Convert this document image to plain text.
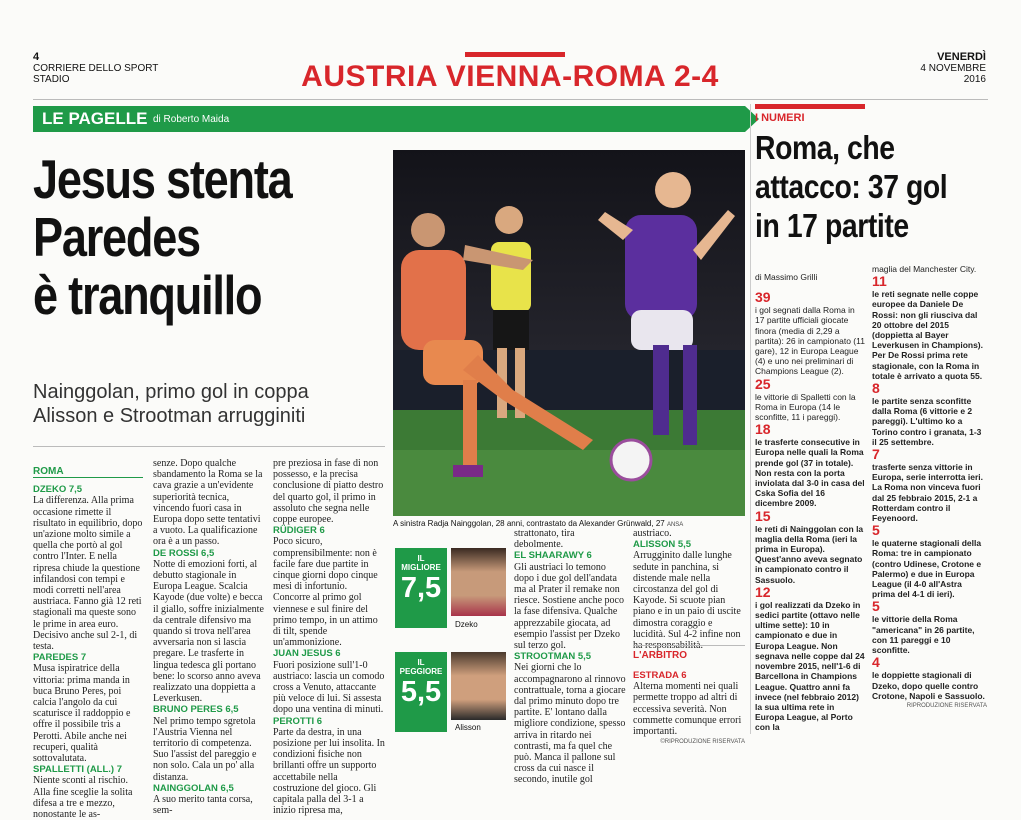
4
CORRIERE DELLO SPORT
STADIO	AUSTRIA VIENNA-ROMA 2-4
VENERDÌ
4 NOVEMBRE
2016
LE PAGELLE di Roberto Maida
Jesus stenta
Paredes
è tranquillo
Nainggolan, primo gol in coppa
Alisson e Strootman arrugginiti
A sinistra Radja Nainggolan, 28 anni, contrastato da Alexander Grünwald, 27 ANSA
ROMA
DZEKO 7,5

La differenza. Alla prima occasione rimette il risultato in equilibrio, dopo un'azione molto simile a quella che portò al gol contro l'Inter. E nella ripresa chiude la questione infilandosi con tempi e modi corretti nell'area austriaca. Fanno già 12 reti stagionali ma queste sono le prime in area euro. Decisivo anche sul 2-1, di testa.

PAREDES 7

Musa ispiratrice della vittoria: prima manda in buca Bruno Peres, poi calcia l'angolo da cui scaturisce il raddoppio e offre il possibile tris a Perotti. Abile anche nei recuperi, qualità sottovalutata.

SPALLETTI (ALL.) 7

Niente sconti al rischio. Alla fine sceglie la solita difesa a tre e mezzo, nonostante le as-

senze. Dopo qualche sbandamento la Roma se la cava grazie a un'evidente superiorità tecnica, vincendo fuori casa in Europa dopo sette tentativi a vuoto. La qualificazione ora è a un passo.

DE ROSSI 6,5

Notte di emozioni forti, al debutto stagionale in Europa League. Scalcia Kayode (due volte) e becca il giallo, soffre inizialmente da centrale difensivo ma quando si trova nell'area avversaria non si lascia pregare. Le trasferte in lingua tedesca gli portano bene: lo scorso anno aveva realizzato una doppietta a Leverkusen.

BRUNO PERES 6,5

Nel primo tempo sgretola l'Austria Vienna nel territorio di competenza. Suo l'assist del pareggio e non solo. Cala un po' alla distanza.

NAINGGOLAN 6,5

A suo merito tanta corsa, sem-

pre preziosa in fase di non possesso, e la precisa conclusione di piatto destro del quarto gol, il primo in assoluto che segna nelle coppe europee.

RÜDIGER 6

Poco sicuro, comprensibilmente: non è facile fare due partite in cinque giorni dopo cinque mesi di infortunio. Concorre al primo gol viennese e sul finire del primo tempo, in un attimo di tilt, spende un'ammonizione.

JUAN JESUS 6

Fuori posizione sull'1-0 austriaco: lascia un comodo cross a Venuto, attaccante più veloce di lui. Si assesta dopo una ventina di minuti.

PEROTTI 6

Parte da destra, in una posizione per lui insolita. In condizioni fisiche non brillanti offre un supporto accettabile nella costruzione del gioco. Gli capitala palla del 3-1 a inizio ripresa ma,

IL
MIGLIORE
7,5
Dzeko
IL
PEGGIORE
5,5
Alisson

strattonato, tira debolmente.

EL SHAARAWY 6

Gli austriaci lo temono dopo i due gol dell'andata ma al Prater il remake non riesce. Sostiene anche poco la fase difensiva. Qualche apprezzabile giocata, ad esempio l'assist per Dzeko sul terzo gol.

STROOTMAN 5,5

Nei giorni che lo accompagnarono al rinnovo contrattuale, torna a giocare dal primo minuto dopo tre partite. E' lontano dalla migliore condizione, spesso arriva in ritardo nei contrasti, ma fa quel che può. Manca il pallone sul cross da cui nasce il secondo, inutile gol

austriaco.

ALISSON 5,5

Arrugginito dalle lunghe sedute in panchina, si distende male nella circostanza del gol di Kayode. Si scuote pian piano e in un paio di uscite dimostra coraggio e lucidità. Sul 4-2 infine non

L'ARBITRO
ESTRADA 6

Alterna momenti nei quali permette troppo ad altri di eccessiva severità. Non commette comunque errori importanti.

©RIPRODUZIONE RISERVATA
I NUMERI
Roma, che
attacco: 37 gol
in 17 partite
di Massimo Grilli
39
i gol segnati dalla Roma in 17 partite ufficiali giocate finora (media di 2,29 a partita): 26 in campionato (11 gare), 12 in Europa League (4) e uno nei preliminari di Champions League (2).
25
le vittorie di Spalletti con la Roma in Europa (14 le sconfitte, 11 i pareggi).
18
le trasferte consecutive in Europa nelle quali la Roma prende gol (37 in totale). Non resta con la porta inviolata dal 3-0 in casa del Cska Sofia del 16 dicembre 2009.
15
le reti di Nainggolan con la maglia della Roma (ieri la prima in Europa). Quest'anno aveva segnato in campionato contro il Sassuolo.
12
i gol realizzati da Dzeko in sedici partite (ottavo nelle ultime sette): 10 in campionato e due in Europa League. Non segnava nelle coppe dal 24 novembre 2015, nell'1-6 di Barcellona in Champions League. Quattro anni fa invece (nel febbraio 2012) la sua ultima rete in Europa League, al Porto con la
maglia del Manchester City.
11
le reti segnate nelle coppe europee da Daniele De Rossi: non gli riusciva dal 20 ottobre del 2015 (doppietta al Bayer Leverkusen in Champions). Per De Rossi prima rete stagionale, con la Roma in totale è arrivato a quota 55.
8
le partite senza sconfitte dalla Roma (6 vittorie e 2 pareggi). L'ultimo ko a Torino contro i granata, 1-3 il 25 settembre.
7
trasferte senza vittorie in Europa, serie interrotta ieri. La Roma non vinceva fuori dal 25 febbraio 2015, 2-1 a Rotterdam contro il Feyenoord.
5
le quaterne stagionali della Roma: tre in campionato (contro Udinese, Crotone e Palermo) e due in Europa League (il 4-0 all'Astra prima del 4-1 di ieri).
5
le vittorie della Roma "americana" in 26 partite, con 11 pareggi e 10 sconfitte.
4
le doppiette stagionali di Dzeko, dopo quelle contro Crotone, Napoli e Sassuolo.
RIPRODUZIONE RISERVATA
